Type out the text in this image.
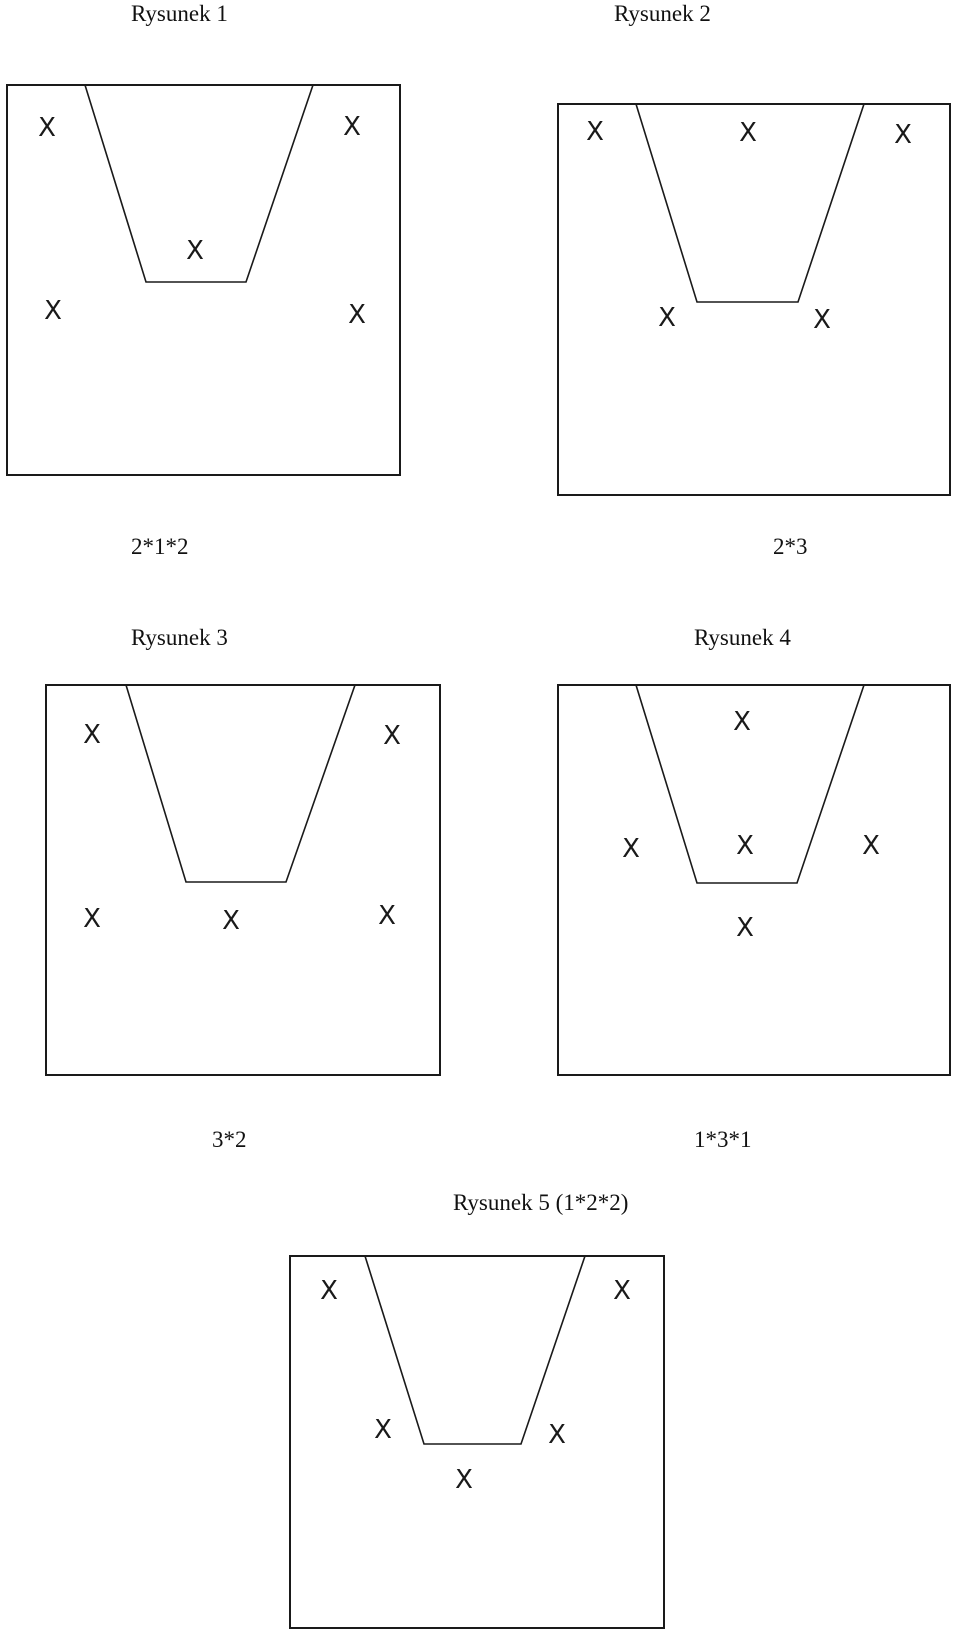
Rysunek 1	Rysunek 2
Rysunek 3	Rysunek 4
Rysunek 5 (1*2*2)
2*1*2	2*3
3*2	1*3*1
X	X
X
X	X
X	X	X
X	X
X	X
X	X	X
X
X	X	X
X
X	X
X	X
X
